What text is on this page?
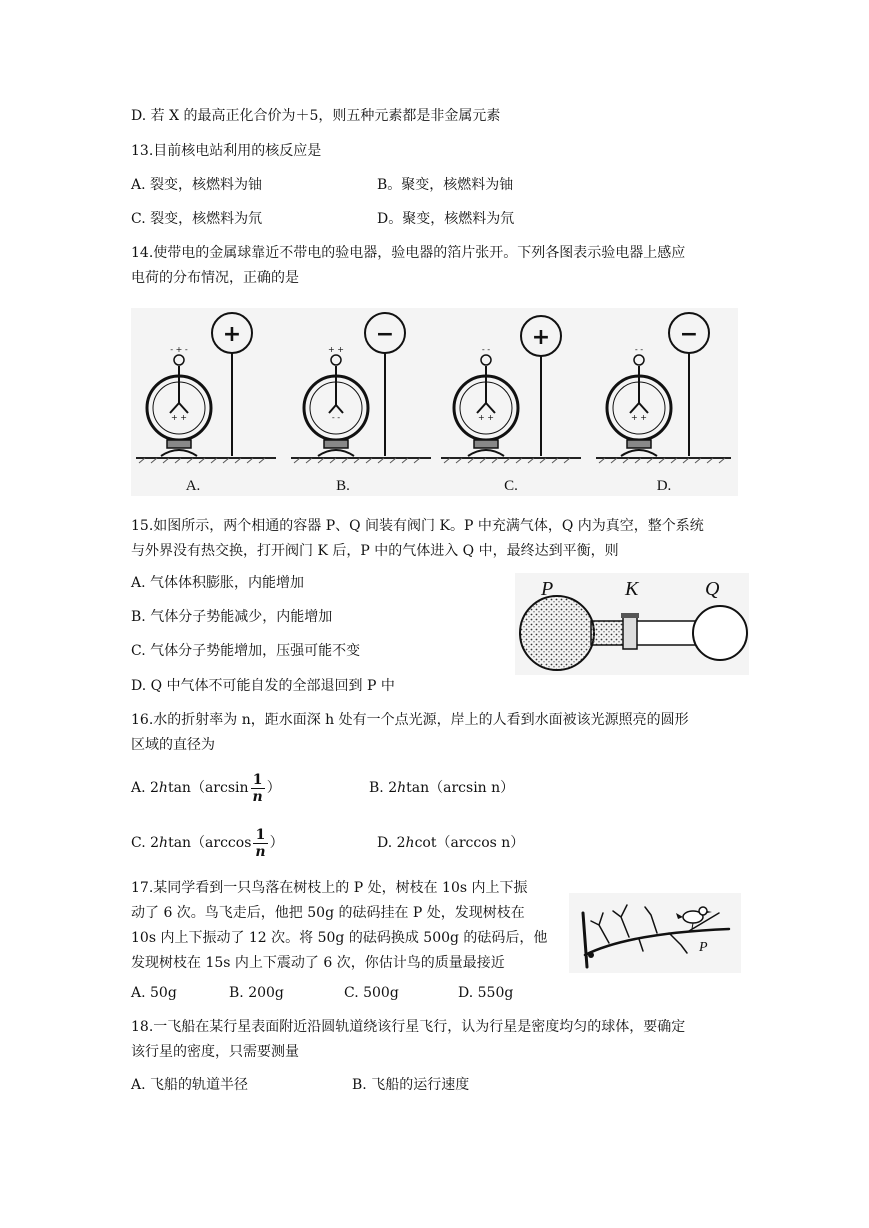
D. 若 X 的最高正化合价为＋5，则五种元素都是非金属元素
13.目前核电站利用的核反应是
A. 裂变，核燃料为铀	B。聚变，核燃料为铀
C. 裂变，核燃料为氘	D。聚变，核燃料为氘
14.使带电的金属球靠近不带电的验电器，验电器的箔片张开。下列各图表示验电器上感应
电荷的分布情况，正确的是
+	−	+	−
- + -
+ +
+ +
- -
- -
+ +
- -
+ +
A.	B.	C.	D.
15.如图所示，两个相通的容器 P、Q 间装有阀门 K。P 中充满气体，Q 内为真空，整个系统
与外界没有热交换，打开阀门 K 后，P 中的气体进入 Q 中，最终达到平衡，则
A. 气体体积膨胀，内能增加
B. 气体分子势能减少，内能增加
C. 气体分子势能增加，压强可能不变
D. Q 中气体不可能自发的全部退回到 P 中
P	K	Q
16.水的折射率为 n，距水面深 h 处有一个点光源，岸上的人看到水面被该光源照亮的圆形
区域的直径为
A. $2htan(\arcsin \frac{1}{n}$ ）	B. 2htan（arcsin n）
C. $2htan(\arccos \frac{1}{n}$ ）	D. 2hcot（arccos n）
17.某同学看到一只鸟落在树枝上的 P 处，树枝在 10s 内上下振
动了 6 次。鸟飞走后，他把 50g 的砝码挂在 P 处，发现树枝在
10s 内上下振动了 12 次。将 50g 的砝码换成 500g 的砝码后，他
发现树枝在 15s 内上下震动了 6 次，你估计鸟的质量最接近
A. 50g	B. 200g	C. 500g	D. 550g
P
18.一飞船在某行星表面附近沿圆轨道绕该行星飞行，认为行星是密度均匀的球体，要确定
该行星的密度，只需要测量
A. 飞船的轨道半径	B. 飞船的运行速度
